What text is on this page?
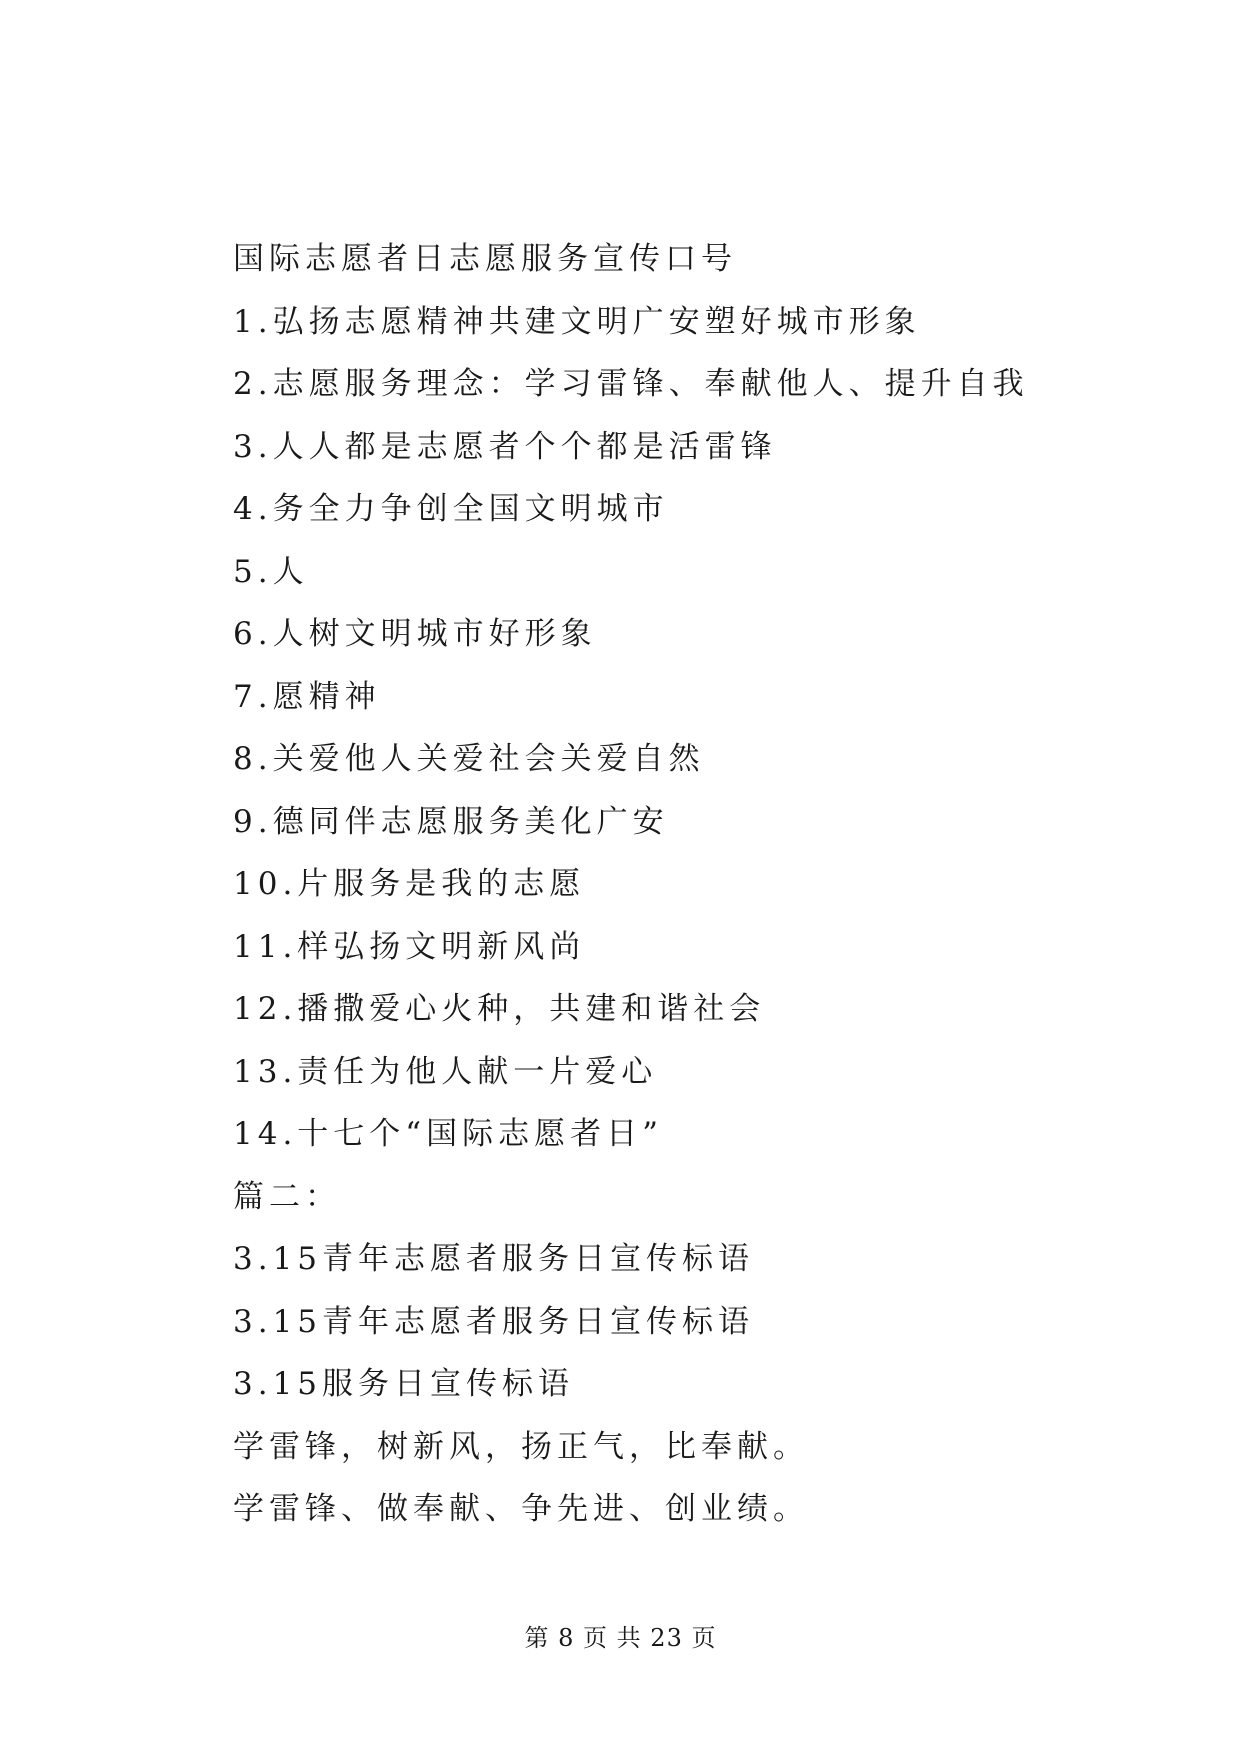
国际志愿者日志愿服务宣传口号
1.弘扬志愿精神共建文明广安塑好城市形象
2.志愿服务理念：学习雷锋、奉献他人、提升自我
3.人人都是志愿者个个都是活雷锋
4.务全力争创全国文明城市
5.人
6.人树文明城市好形象
7.愿精神
8.关爱他人关爱社会关爱自然
9.德同伴志愿服务美化广安
10.片服务是我的志愿
11.样弘扬文明新风尚
12.播撒爱心火种，共建和谐社会
13.责任为他人献一片爱心
14.十七个“国际志愿者日”
篇二：
3.15青年志愿者服务日宣传标语
3.15青年志愿者服务日宣传标语
3.15服务日宣传标语
学雷锋，树新风，扬正气，比奉献。
学雷锋、做奉献、争先进、创业绩。
第 8 页 共 23 页
